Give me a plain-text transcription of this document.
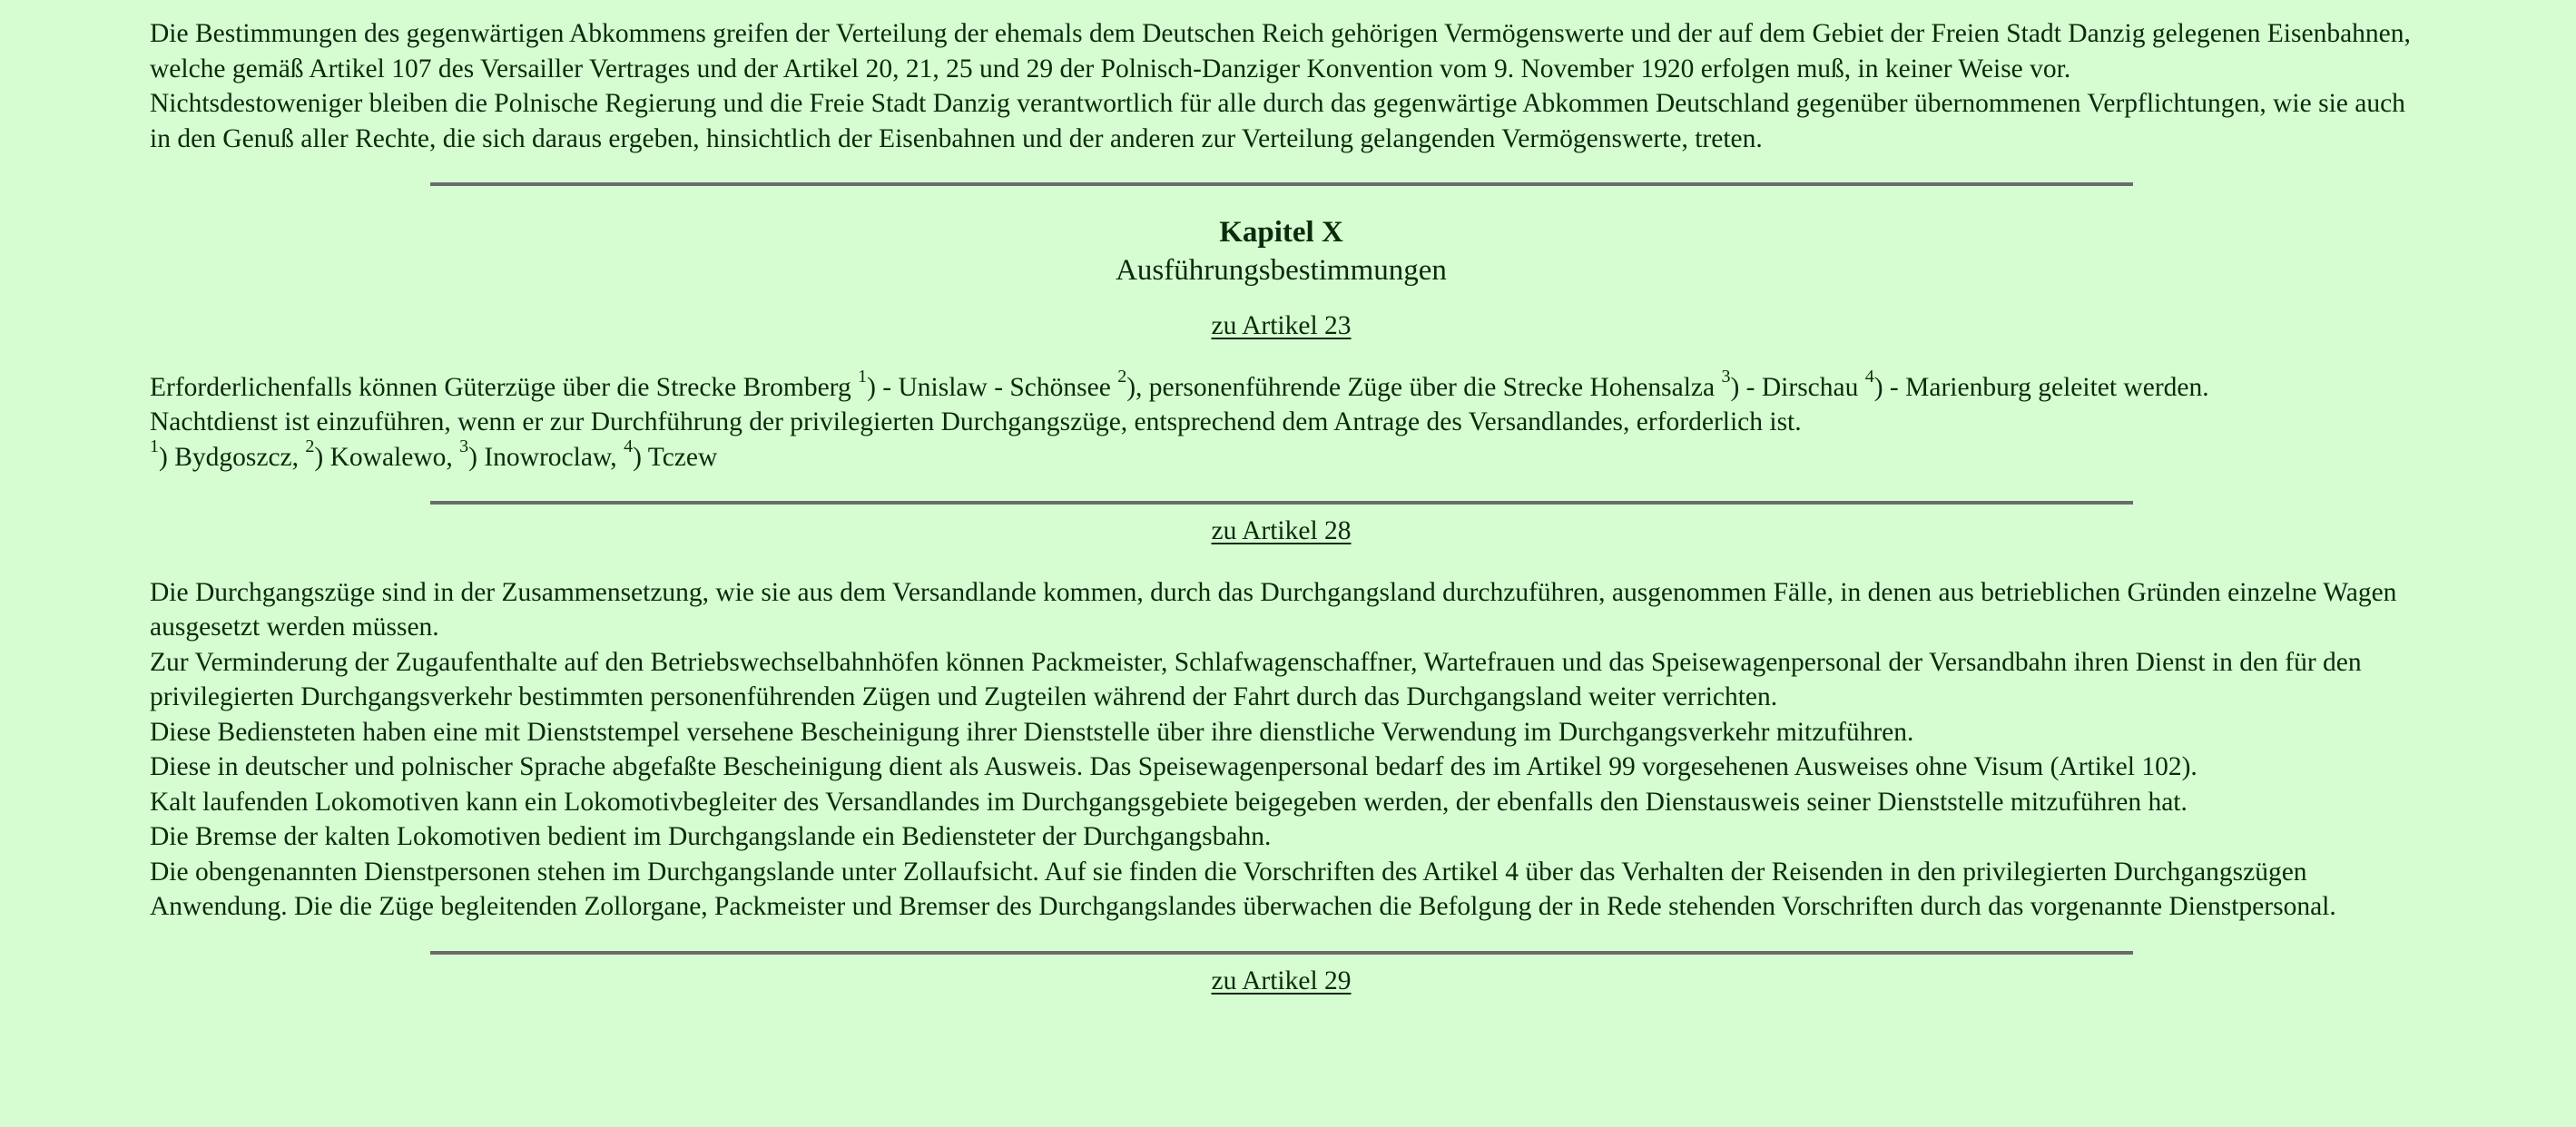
Die Bestimmungen des gegenwärtigen Abkommens greifen der Verteilung der ehemals dem Deutschen Reich gehörigen Vermögenswerte und der auf dem Gebiet der Freien Stadt Danzig gelegenen Eisenbahnen, welche gemäß Artikel 107 des Versailler Vertrages und der Artikel 20, 21, 25 und 29 der Polnisch-Danziger Konvention vom 9. November 1920 erfolgen muß, in keiner Weise vor.

Nichtsdestoweniger bleiben die Polnische Regierung und die Freie Stadt Danzig verantwortlich für alle durch das gegenwärtige Abkommen Deutschland gegenüber übernommenen Verpflichtungen, wie sie auch in den Genuß aller Rechte, die sich daraus ergeben, hinsichtlich der Eisenbahnen und der anderen zur Verteilung gelangenden Vermögenswerte, treten.

Kapitel X
Ausführungsbestimmungen
zu Artikel 23

Erforderlichenfalls können Güterzüge über die Strecke Bromberg $^1$) - Unislaw - Schönsee $^2$), personenführende Züge über die Strecke Hohensalza $^3$) - Dirschau $^4$) - Marienburg geleitet werden.

Nachtdienst ist einzuführen, wenn er zur Durchführung der privilegierten Durchgangszüge, entsprechend dem Antrage des Versandlandes, erforderlich ist.

$^1$) Bydgoszcz, $^2$) Kowalewo, $^3$) Inowroclaw, $^4$) Tczew

zu Artikel 28

Die Durchgangszüge sind in der Zusammensetzung, wie sie aus dem Versandlande kommen, durch das Durchgangsland durchzuführen, ausgenommen Fälle, in denen aus betrieblichen Gründen einzelne Wagen ausgesetzt werden müssen.

Zur Verminderung der Zugaufenthalte auf den Betriebswechselbahnhöfen können Packmeister, Schlafwagenschaffner, Wartefrauen und das Speisewagenpersonal der Versandbahn ihren Dienst in den für den privilegierten Durchgangsverkehr bestimmten personenführenden Zügen und Zugteilen während der Fahrt durch das Durchgangsland weiter verrichten.

Diese Bediensteten haben eine mit Dienststempel versehene Bescheinigung ihrer Dienststelle über ihre dienstliche Verwendung im Durchgangsverkehr mitzuführen.

Diese in deutscher und polnischer Sprache abgefaßte Bescheinigung dient als Ausweis. Das Speisewagenpersonal bedarf des im Artikel 99 vorgesehenen Ausweises ohne Visum (Artikel 102).

Kalt laufenden Lokomotiven kann ein Lokomotivbegleiter des Versandlandes im Durchgangsgebiete beigegeben werden, der ebenfalls den Dienstausweis seiner Dienststelle mitzuführen hat.

Die Bremse der kalten Lokomotiven bedient im Durchgangslande ein Bediensteter der Durchgangsbahn.

Die obengenannten Dienstpersonen stehen im Durchgangslande unter Zollaufsicht. Auf sie finden die Vorschriften des Artikel 4 über das Verhalten der Reisenden in den privilegierten Durchgangszügen Anwendung. Die die Züge begleitenden Zollorgane, Packmeister und Bremser des Durchgangslandes überwachen die Befolgung der in Rede stehenden Vorschriften durch das vorgenannte Dienstpersonal.

zu Artikel 29
